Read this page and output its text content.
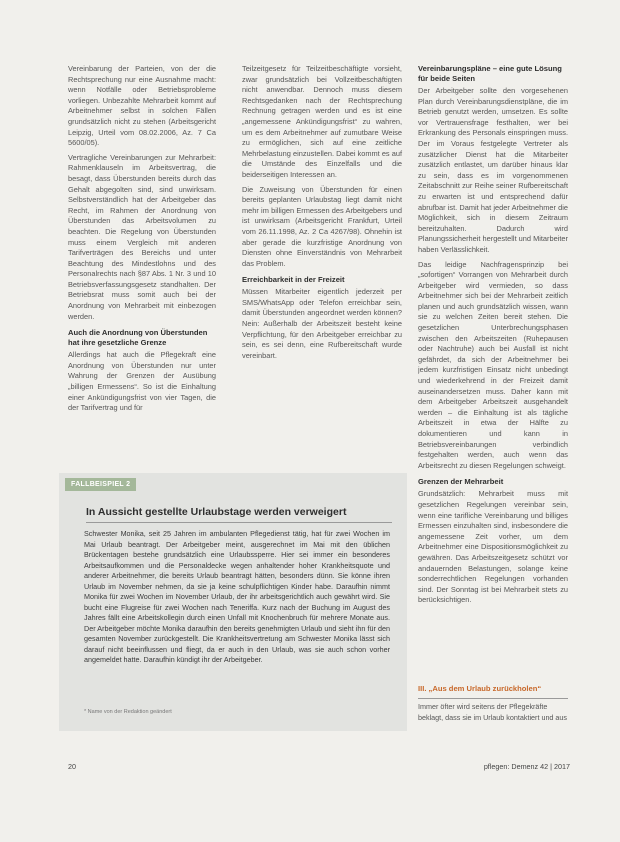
Vereinbarung der Parteien, von der die Rechtsprechung nur eine Ausnahme macht: wenn Notfälle oder Betriebsprobleme vorliegen. Unbezahlte Mehrarbeit kommt auf Arbeitnehmer selbst in solchen Fällen grundsätzlich nicht zu stehen (Arbeitsgericht Leipzig, Urteil vom 08.02.2006, Az. 7 Ca 5600/05).

Vertragliche Vereinbarungen zur Mehrarbeit: Rahmenklauseln im Arbeitsvertrag, die besagt, dass Überstunden bereits durch das Gehalt abgegolten sind, sind unwirksam. Selbstverständlich hat der Arbeitgeber das Recht, im Rahmen der Anordnung von Überstunden das Arbeitsvolumen zu beachten. Die Regelung von Überstunden muss einem Vergleich mit anderen Tarifverträgen des Bereichs und unter Beachtung des Mindestlohns und des Personalrechts nach §87 Abs. 1 Nr. 3 und 10 Betriebsverfassungsgesetz standhalten. Der Betriebsrat muss somit auch bei der Anordnung von Mehrarbeit mit einbezogen werden.

Auch die Anordnung von Überstunden hat ihre gesetzliche Grenze

Allerdings hat auch die Pflegekraft eine Anordnung von Überstunden nur unter Wahrung der Grenzen der Ausübung „billigen Ermessens“. So ist die Einhaltung einer Ankündigungsfrist von vier Tagen, die der Tarifvertrag und für

Teilzeitgesetz für Teilzeitbeschäftigte vorsieht, zwar grundsätzlich bei Vollzeitbeschäftigten nicht anwendbar. Dennoch muss diesem Rechtsgedanken nach der Rechtsprechung Rechnung getragen werden und es ist eine „angemessene Ankündigungsfrist“ zu wahren, um es dem Arbeitnehmer auf zumutbare Weise zu ermöglichen, sich auf eine zeitliche Mehrbelastung einzustellen. Dabei kommt es auf die Umstände des Einzelfalls und die beiderseitigen Interessen an.

Die Zuweisung von Überstunden für einen bereits geplanten Urlaubstag liegt damit nicht mehr im billigen Ermessen des Arbeitgebers und ist unwirksam (Arbeitsgericht Frankfurt, Urteil vom 26.11.1998, Az. 2 Ca 4267/98). Ohnehin ist aber gerade die kurzfristige Anordnung von Diensten ohne Einverständnis von Mehrarbeit das Problem.

Erreichbarkeit in der Freizeit

Müssen Mitarbeiter eigentlich jederzeit per SMS/WhatsApp oder Telefon erreichbar sein, damit Überstunden angeordnet werden können? Nein: Außerhalb der Arbeitszeit besteht keine Verpflichtung, für den Arbeitgeber erreichbar zu sein, es sei denn, eine Rufbereitschaft wurde vereinbart.

Vereinbarungspläne – eine gute Lösung für beide Seiten

Der Arbeitgeber sollte den vorgesehenen Plan durch Vereinbarungsdienstpläne, die im Betrieb genutzt werden, umsetzen. Es sollte vor Vertrauensfrage festhalten, wer bei Erkrankung des Personals einspringen muss. Der im Voraus festgelegte Vertreter als zusätzlicher Dienst hat die Mitarbeiter zusätzlich entlastet, um darüber hinaus klar zu sein, dass es im vorgenommenen Zeitabschnitt zur Reihe seiner Rufbereitschaft zu erwarten ist und entsprechend dafür abrufbar ist. Damit hat jeder Arbeitnehmer die Möglichkeit, sich in diesem Zeitraum bereitzuhalten. Dadurch wird Planungssicherheit hergestellt und Mitarbeiter haben Verlässlichkeit.

Das leidige Nachfragensprinzip bei „sofortigen“ Vorrangen von Mehrarbeit durch Arbeitgeber wird vermieden, so dass Arbeitnehmer sich bei der Mehrarbeit zeitlich planen und auch grundsätzlich wissen, wann sie zu welchen Zeiten bereit stehen. Die gesetzlichen Unterbrechungsphasen zwischen den Arbeitszeiten (Ruhepausen oder Nachtruhe) auch bei Ausfall ist nicht gefährdet, da sich der Arbeitnehmer bei jedem kurzfristigen Einsatz nicht unbedingt und wiederkehrend in der Freizeit damit auseinandersetzen muss. Daher kann mit dem Arbeitgeber Arbeitszeit ausgehandelt werden – die Einhaltung ist als tägliche Arbeitszeit in etwa der Hälfte zu dokumentieren und kann in Betriebsvereinbarungen verbindlich festgehalten werden, auch wenn das Arbeitsrecht zu diesen Regelungen schweigt.

Grenzen der Mehrarbeit

Grundsätzlich: Mehrarbeit muss mit gesetzlichen Regelungen vereinbar sein, wenn eine tarifliche Vereinbarung und billiges Ermessen einzuhalten sind, insbesondere die angemessene Zeit vorher, um dem Arbeitnehmer eine Dispositionsmöglichkeit zu gewähren. Das Arbeitszeitgesetz schützt vor andauernden Belastungen, solange keine sonderrechtlichen Regelungen vorhanden sind. Der Sonntag ist bei Mehrarbeit stets zu berücksichtigen.

FALLBEISPIEL 2
In Aussicht gestellte Urlaubstage werden verweigert
Schwester Monika, seit 25 Jahren im ambulanten Pflegedienst tätig, hat für zwei Wochen im Mai Urlaub beantragt. Der Arbeitgeber meint, ausgerechnet im Mai mit den üblichen Brückentagen bestehe grundsätzlich eine Urlaubssperre. Hier sei immer ein besonderes Arbeitsaufkommen und die Personaldecke wegen anhaltender hoher Krankheitsquote und anderer Arbeitnehmer, die bereits Urlaub beantragt hätten, besonders dünn. Sie könne ihren Urlaub im November nehmen, da sie ja keine schulpflichtigen Kinder habe. Daraufhin nimmt Monika für zwei Wochen im November Urlaub, der ihr arbeitsgerichtlich auch gewährt wird. Sie bucht eine Flugreise für zwei Wochen nach Teneriffa. Kurz nach der Buchung im August des Jahres fällt eine Arbeitskollegin durch einen Unfall mit Knochenbruch für mehrere Monate aus. Der Arbeitgeber möchte Monika daraufhin den bereits genehmigten Urlaub und sieht ihn für den gesamten November zurückgestellt. Die Krankheitsvertretung am Schwester Monika lässt sich darauf nicht beeinflussen und fliegt, da er auch in den Urlaub, was sie auch schon vorher angemeldet hatte. Daraufhin kündigt ihr der Arbeitgeber.
* Name von der Redaktion geändert
III. „Aus dem Urlaub zurückholen“
Immer öfter wird seitens der Pflegekräfte beklagt, dass sie im Urlaub kontaktiert und aus
20	pflegen: Demenz 42 | 2017
